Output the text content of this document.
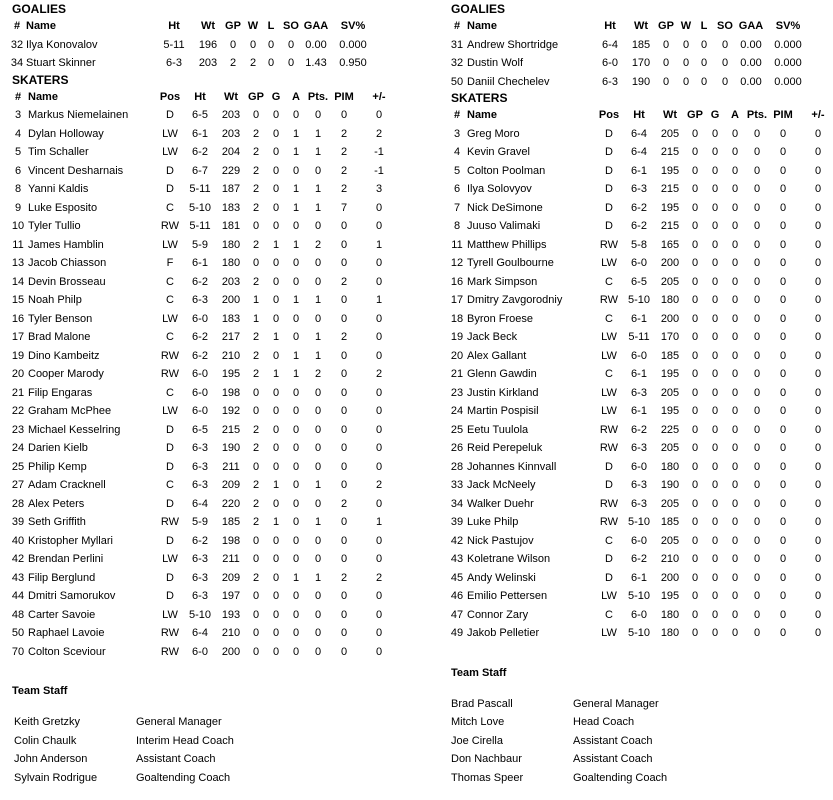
GOALIES
#	Name	Ht	Wt	GP	W	L	SO	GAA	SV%
32	Ilya Konovalov	5-11	196	0	0	0	0	0.00	0.000
34	Stuart Skinner	6-3	203	2	2	0	0	1.43	0.950
SKATERS
#	Name	Pos	Ht	Wt	GP	G	A	Pts.	PIM	+/-
3	Markus Niemelainen	D	6-5	203	0	0	0	0	0	0
4	Dylan Holloway	LW	6-1	203	2	0	1	1	2	2
5	Tim Schaller	LW	6-2	204	2	0	1	1	2	-1
6	Vincent Desharnais	D	6-7	229	2	0	0	0	2	-1
8	Yanni Kaldis	D	5-11	187	2	0	1	1	2	3
9	Luke Esposito	C	5-10	183	2	0	1	1	7	0
10	Tyler Tullio	RW	5-11	181	0	0	0	0	0	0
11	James Hamblin	LW	5-9	180	2	1	1	2	0	1
13	Jacob Chiasson	F	6-1	180	0	0	0	0	0	0
14	Devin Brosseau	C	6-2	203	2	0	0	0	2	0
15	Noah Philp	C	6-3	200	1	0	1	1	0	1
16	Tyler Benson	LW	6-0	183	1	0	0	0	0	0
17	Brad Malone	C	6-2	217	2	1	0	1	2	0
19	Dino Kambeitz	RW	6-2	210	2	0	1	1	0	0
20	Cooper Marody	RW	6-0	195	2	1	1	2	0	2
21	Filip Engaras	C	6-0	198	0	0	0	0	0	0
22	Graham McPhee	LW	6-0	192	0	0	0	0	0	0
23	Michael Kesselring	D	6-5	215	2	0	0	0	0	0
24	Darien Kielb	D	6-3	190	2	0	0	0	0	0
25	Philip Kemp	D	6-3	211	0	0	0	0	0	0
27	Adam Cracknell	C	6-3	209	2	1	0	1	0	2
28	Alex Peters	D	6-4	220	2	0	0	0	2	0
39	Seth Griffith	RW	5-9	185	2	1	0	1	0	1
40	Kristopher Myllari	D	6-2	198	0	0	0	0	0	0
42	Brendan Perlini	LW	6-3	211	0	0	0	0	0	0
43	Filip Berglund	D	6-3	209	2	0	1	1	2	2
44	Dmitri Samorukov	D	6-3	197	0	0	0	0	0	0
48	Carter Savoie	LW	5-10	193	0	0	0	0	0	0
50	Raphael Lavoie	RW	6-4	210	0	0	0	0	0	0
70	Colton Sceviour	RW	6-0	200	0	0	0	0	0	0
Team Staff
Keith Gretzky	General Manager
Colin Chaulk	Interim Head Coach
John Anderson	Assistant Coach
Sylvain Rodrigue	Goaltending Coach
GOALIES
#	Name	Ht	Wt	GP	W	L	SO	GAA	SV%
31	Andrew Shortridge	6-4	185	0	0	0	0	0.00	0.000
32	Dustin Wolf	6-0	170	0	0	0	0	0.00	0.000
50	Daniil Chechelev	6-3	190	0	0	0	0	0.00	0.000
SKATERS
#	Name	Pos	Ht	Wt	GP	G	A	Pts.	PIM	+/-
3	Greg Moro	D	6-4	205	0	0	0	0	0	0
4	Kevin Gravel	D	6-4	215	0	0	0	0	0	0
5	Colton Poolman	D	6-1	195	0	0	0	0	0	0
6	Ilya Solovyov	D	6-3	215	0	0	0	0	0	0
7	Nick DeSimone	D	6-2	195	0	0	0	0	0	0
8	Juuso Valimaki	D	6-2	215	0	0	0	0	0	0
11	Matthew Phillips	RW	5-8	165	0	0	0	0	0	0
12	Tyrell Goulbourne	LW	6-0	200	0	0	0	0	0	0
16	Mark Simpson	C	6-5	205	0	0	0	0	0	0
17	Dmitry Zavgorodniy	RW	5-10	180	0	0	0	0	0	0
18	Byron Froese	C	6-1	200	0	0	0	0	0	0
19	Jack Beck	LW	5-11	170	0	0	0	0	0	0
20	Alex Gallant	LW	6-0	185	0	0	0	0	0	0
21	Glenn Gawdin	C	6-1	195	0	0	0	0	0	0
23	Justin Kirkland	LW	6-3	205	0	0	0	0	0	0
24	Martin Pospisil	LW	6-1	195	0	0	0	0	0	0
25	Eetu Tuulola	RW	6-2	225	0	0	0	0	0	0
26	Reid Perepeluk	RW	6-3	205	0	0	0	0	0	0
28	Johannes Kinnvall	D	6-0	180	0	0	0	0	0	0
33	Jack McNeely	D	6-3	190	0	0	0	0	0	0
34	Walker Duehr	RW	6-3	205	0	0	0	0	0	0
39	Luke Philp	RW	5-10	185	0	0	0	0	0	0
42	Nick Pastujov	C	6-0	205	0	0	0	0	0	0
43	Koletrane Wilson	D	6-2	210	0	0	0	0	0	0
45	Andy Welinski	D	6-1	200	0	0	0	0	0	0
46	Emilio Pettersen	LW	5-10	195	0	0	0	0	0	0
47	Connor Zary	C	6-0	180	0	0	0	0	0	0
49	Jakob Pelletier	LW	5-10	180	0	0	0	0	0	0
Team Staff
Brad Pascall	General Manager
Mitch Love	Head Coach
Joe Cirella	Assistant Coach
Don Nachbaur	Assistant Coach
Thomas Speer	Goaltending Coach
